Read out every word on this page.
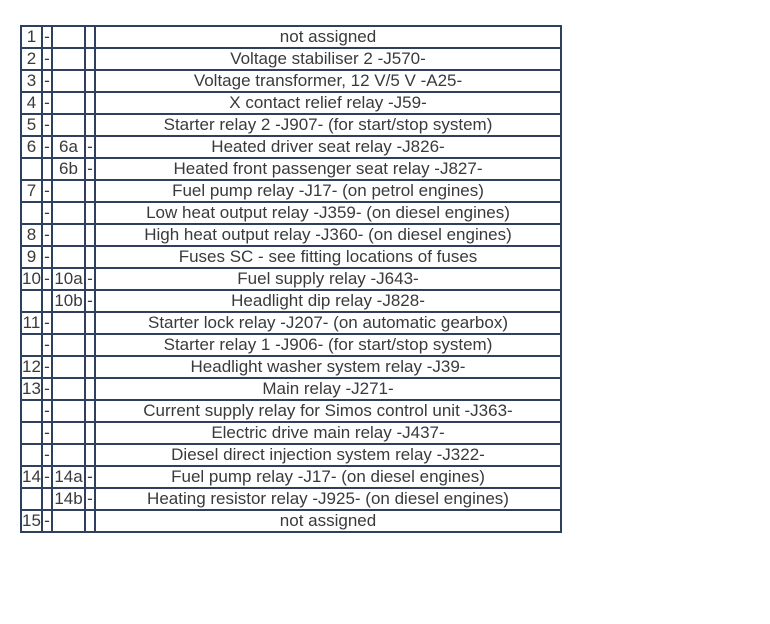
1	-			not assigned
2	-			Voltage stabiliser 2 -J570-
3	-			Voltage transformer, 12 V/5 V -A25-
4	-			X contact relief relay -J59-
5	-			Starter relay 2 -J907- (for start/stop system)
6	-	6a	-	Heated driver seat relay -J826-
		6b	-	Heated front passenger seat relay -J827-
7	-			Fuel pump relay -J17- (on petrol engines)
	-			Low heat output relay -J359- (on diesel engines)
8	-			High heat output relay -J360- (on diesel engines)
9	-			Fuses SC - see fitting locations of fuses
10	-	10a	-	Fuel supply relay -J643-
		10b	-	Headlight dip relay -J828-
11	-			Starter lock relay -J207- (on automatic gearbox)
	-			Starter relay 1 -J906- (for start/stop system)
12	-			Headlight washer system relay -J39-
13	-			Main relay -J271-
	-			Current supply relay for Simos control unit -J363-
	-			Electric drive main relay -J437-
	-			Diesel direct injection system relay -J322-
14	-	14a	-	Fuel pump relay -J17- (on diesel engines)
		14b	-	Heating resistor relay -J925- (on diesel engines)
15	-			not assigned
